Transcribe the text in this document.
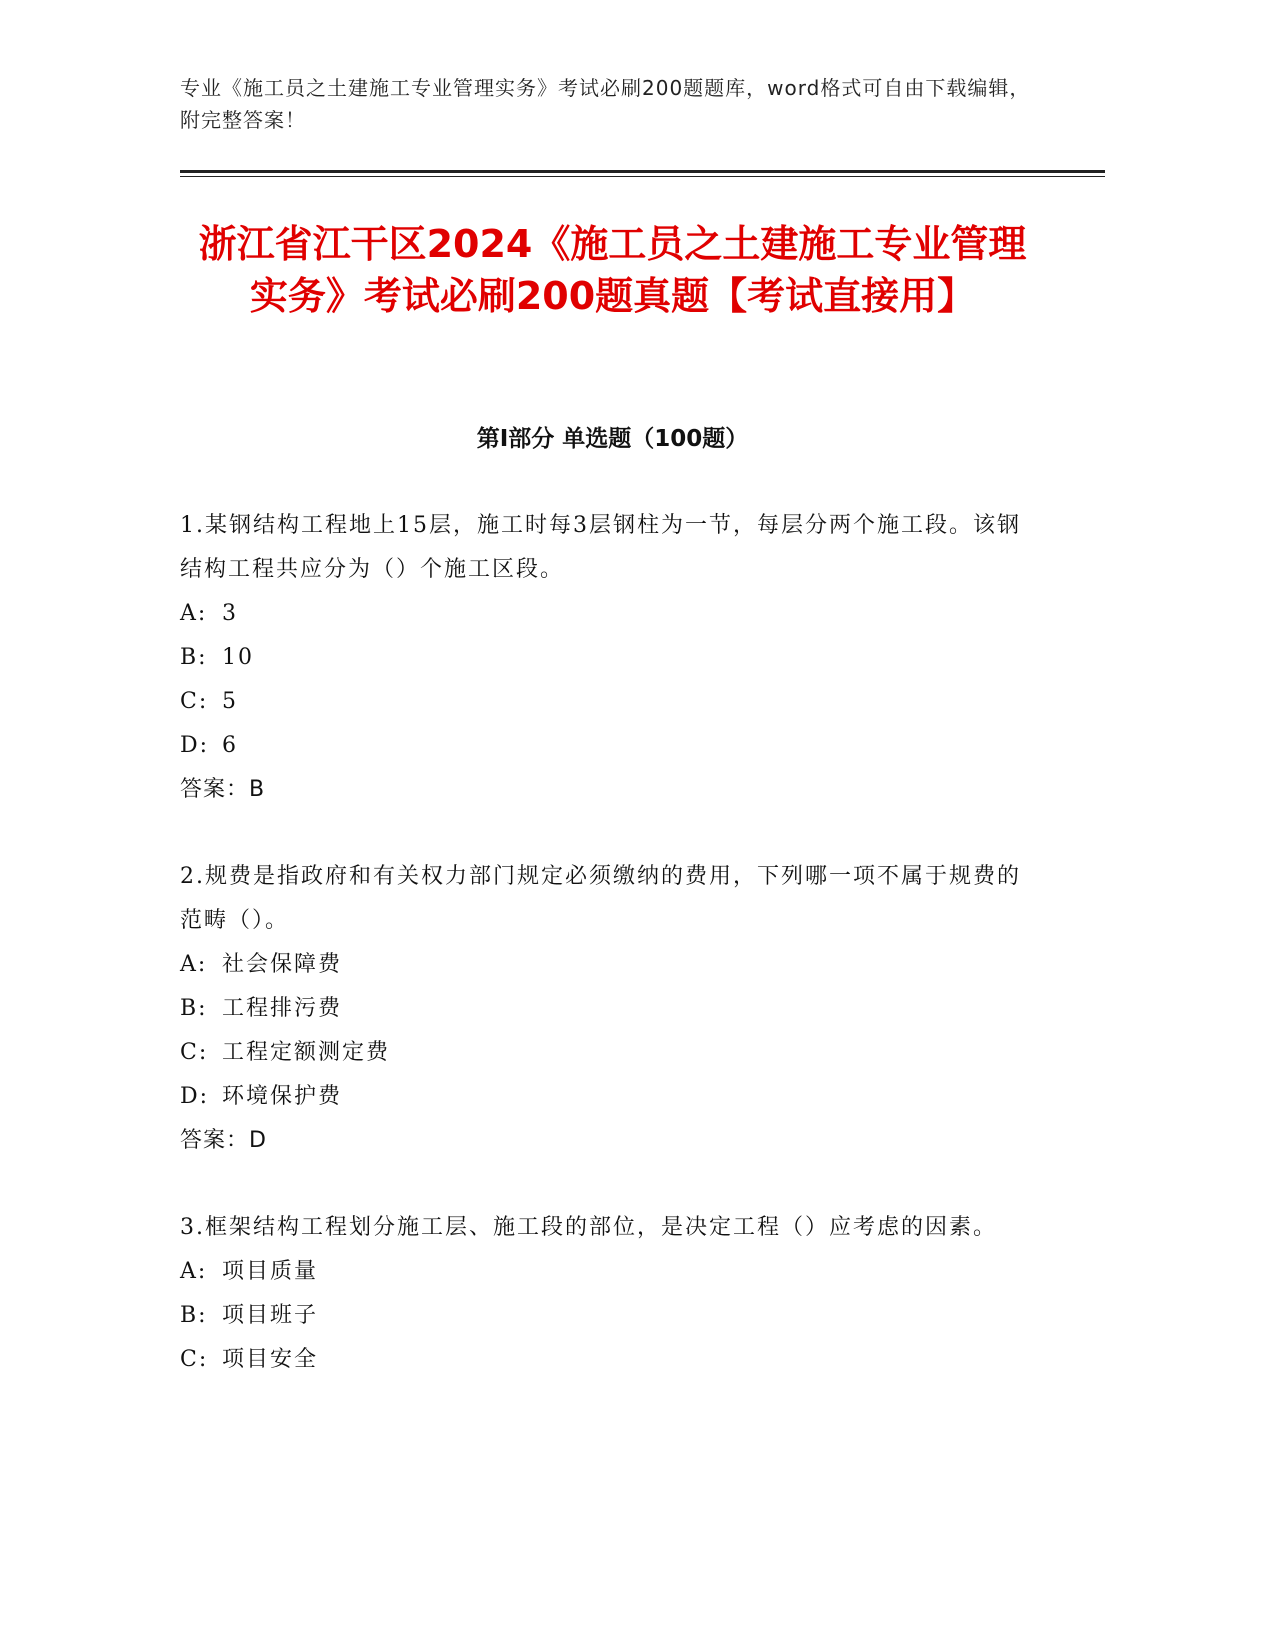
专业《施工员之土建施工专业管理实务》考试必刷200题题库，word格式可自由下载编辑，附完整答案！
浙江省江干区2024《施工员之土建施工专业管理实务》考试必刷200题真题【考试直接用】
第I部分 单选题（100题）
1.某钢结构工程地上15层，施工时每3层钢柱为一节，每层分两个施工段。该钢结构工程共应分为（）个施工区段。
A: 3
B: 10
C: 5
D: 6
答案：B
2.规费是指政府和有关权力部门规定必须缴纳的费用，下列哪一项不属于规费的范畴（）。
A: 社会保障费
B: 工程排污费
C: 工程定额测定费
D: 环境保护费
答案：D
3.框架结构工程划分施工层、施工段的部位，是决定工程（）应考虑的因素。
A: 项目质量
B: 项目班子
C: 项目安全
